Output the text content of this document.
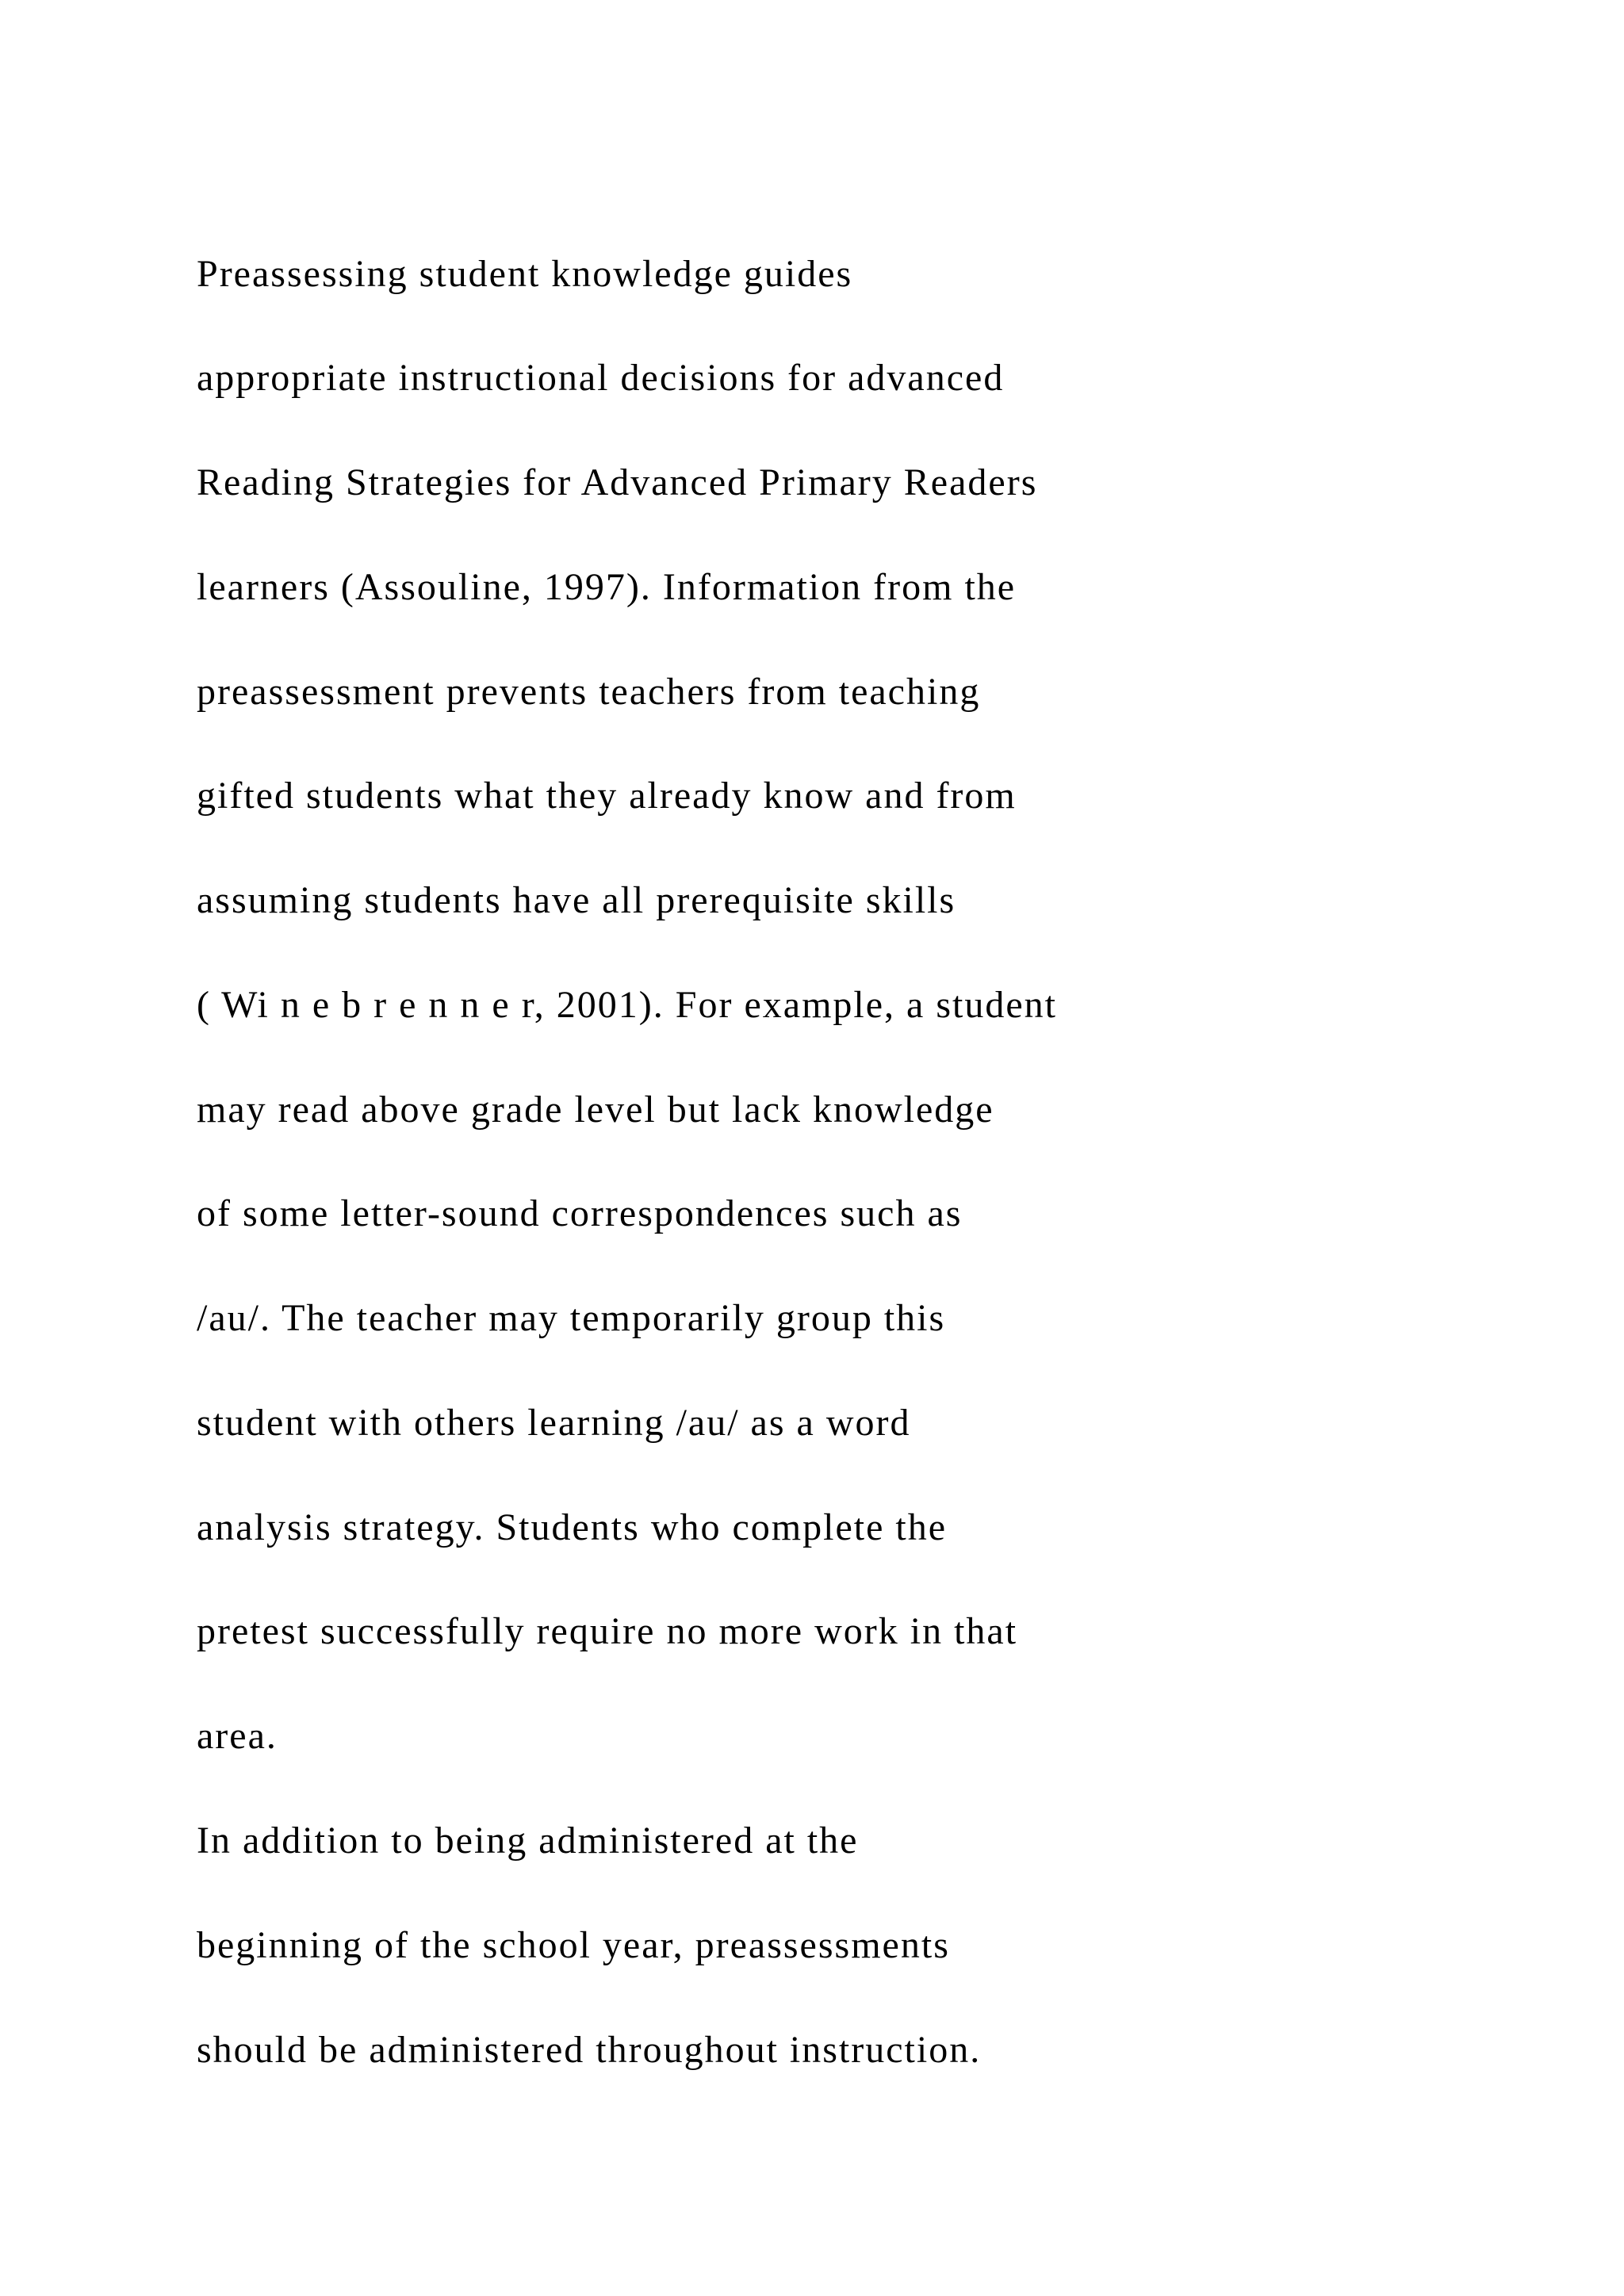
Preassessing student knowledge guides

appropriate instructional decisions for advanced

Reading Strategies for Advanced Primary Readers

learners (Assouline, 1997). Information from the

preassessment prevents teachers from teaching

gifted students what they already know and from

assuming students have all prerequisite skills

( Wi n e b r e n n e r, 2001). For example, a student

may read above grade level but lack knowledge

of some letter-sound correspondences such as

/au/. The teacher may temporarily group this

student with others learning /au/ as a word

analysis strategy. Students who complete the

pretest successfully require no more work in that

area.

In addition to being administered at the

beginning of the school year, preassessments

should be administered throughout instruction.
